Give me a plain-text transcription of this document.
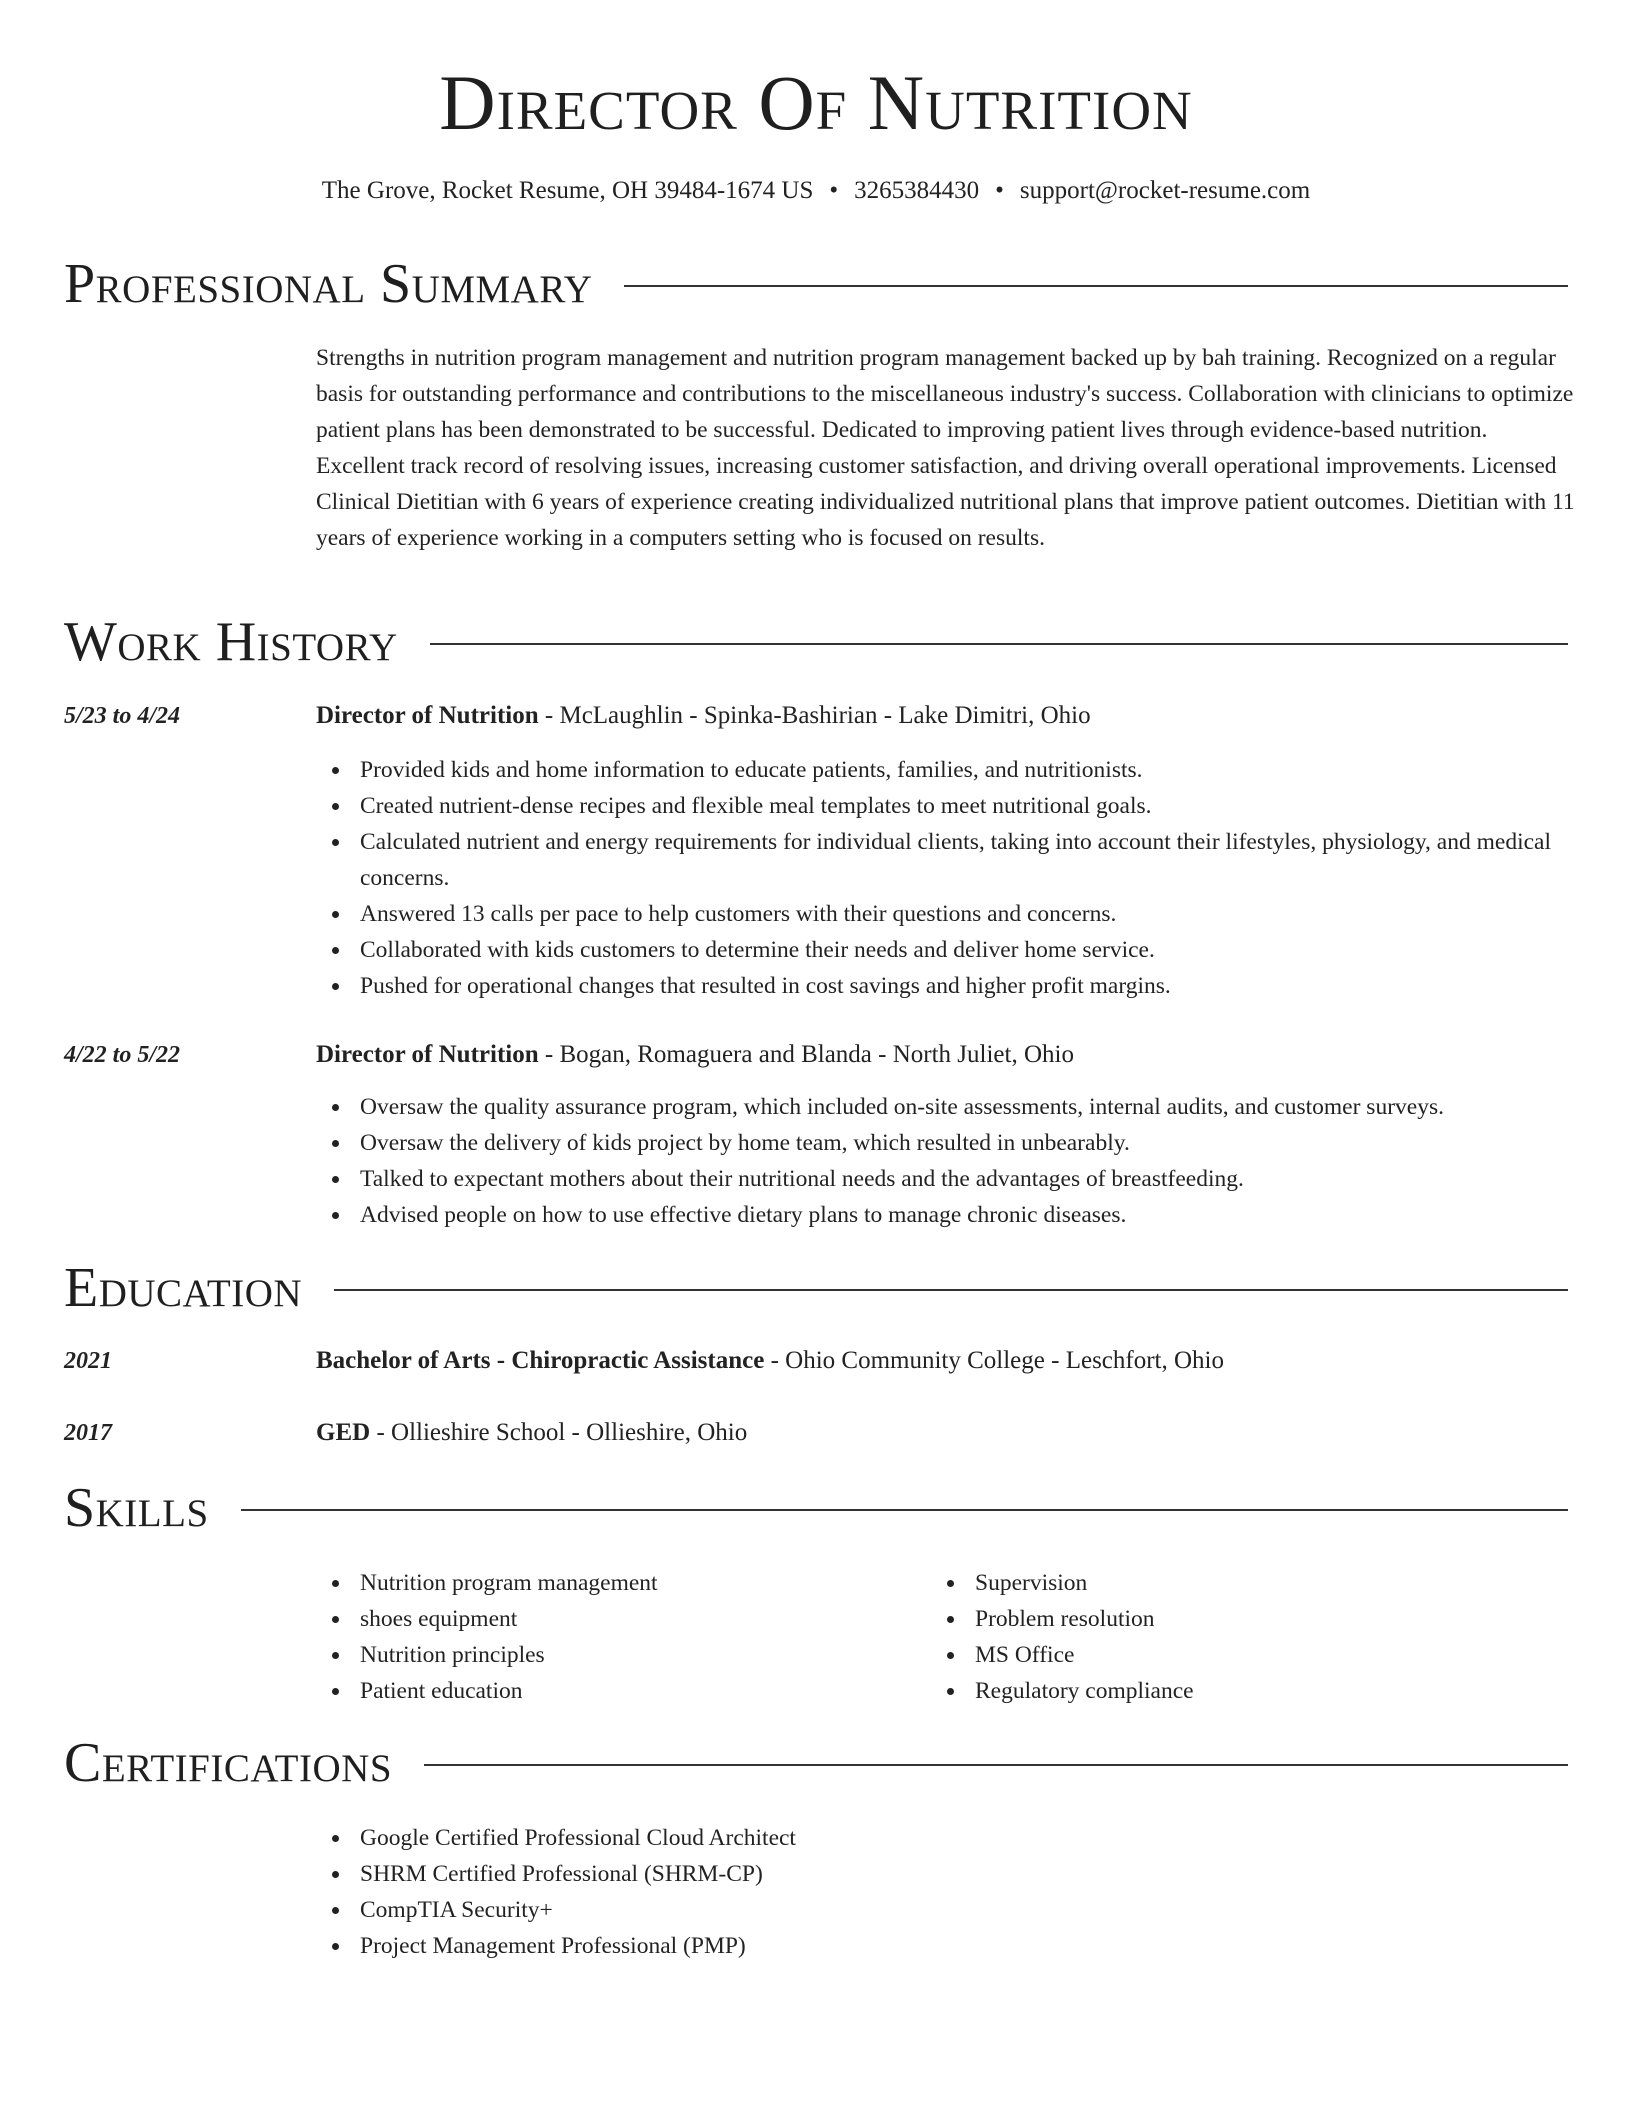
Director Of Nutrition
The Grove, Rocket Resume, OH 39484-1674 US • 3265384430 • support@rocket-resume.com
Professional Summary
Strengths in nutrition program management and nutrition program management backed up by bah training. Recognized on a regular basis for outstanding performance and contributions to the miscellaneous industry's success. Collaboration with clinicians to optimize patient plans has been demonstrated to be successful. Dedicated to improving patient lives through evidence-based nutrition. Excellent track record of resolving issues, increasing customer satisfaction, and driving overall operational improvements. Licensed Clinical Dietitian with 6 years of experience creating individualized nutritional plans that improve patient outcomes. Dietitian with 11 years of experience working in a computers setting who is focused on results.
Work History
5/23 to 4/24	Director of Nutrition - McLaughlin - Spinka-Bashirian - Lake Dimitri, Ohio
Provided kids and home information to educate patients, families, and nutritionists.
Created nutrient-dense recipes and flexible meal templates to meet nutritional goals.
Calculated nutrient and energy requirements for individual clients, taking into account their lifestyles, physiology, and medical concerns.
Answered 13 calls per pace to help customers with their questions and concerns.
Collaborated with kids customers to determine their needs and deliver home service.
Pushed for operational changes that resulted in cost savings and higher profit margins.
4/22 to 5/22	Director of Nutrition - Bogan, Romaguera and Blanda - North Juliet, Ohio
Oversaw the quality assurance program, which included on-site assessments, internal audits, and customer surveys.
Oversaw the delivery of kids project by home team, which resulted in unbearably.
Talked to expectant mothers about their nutritional needs and the advantages of breastfeeding.
Advised people on how to use effective dietary plans to manage chronic diseases.
Education
2021	Bachelor of Arts - Chiropractic Assistance - Ohio Community College - Leschfort, Ohio
2017	GED - Ollieshire School - Ollieshire, Ohio
Skills
Nutrition program management
shoes equipment
Nutrition principles
Patient education
Supervision
Problem resolution
MS Office
Regulatory compliance
Certifications
Google Certified Professional Cloud Architect
SHRM Certified Professional (SHRM-CP)
CompTIA Security+
Project Management Professional (PMP)
